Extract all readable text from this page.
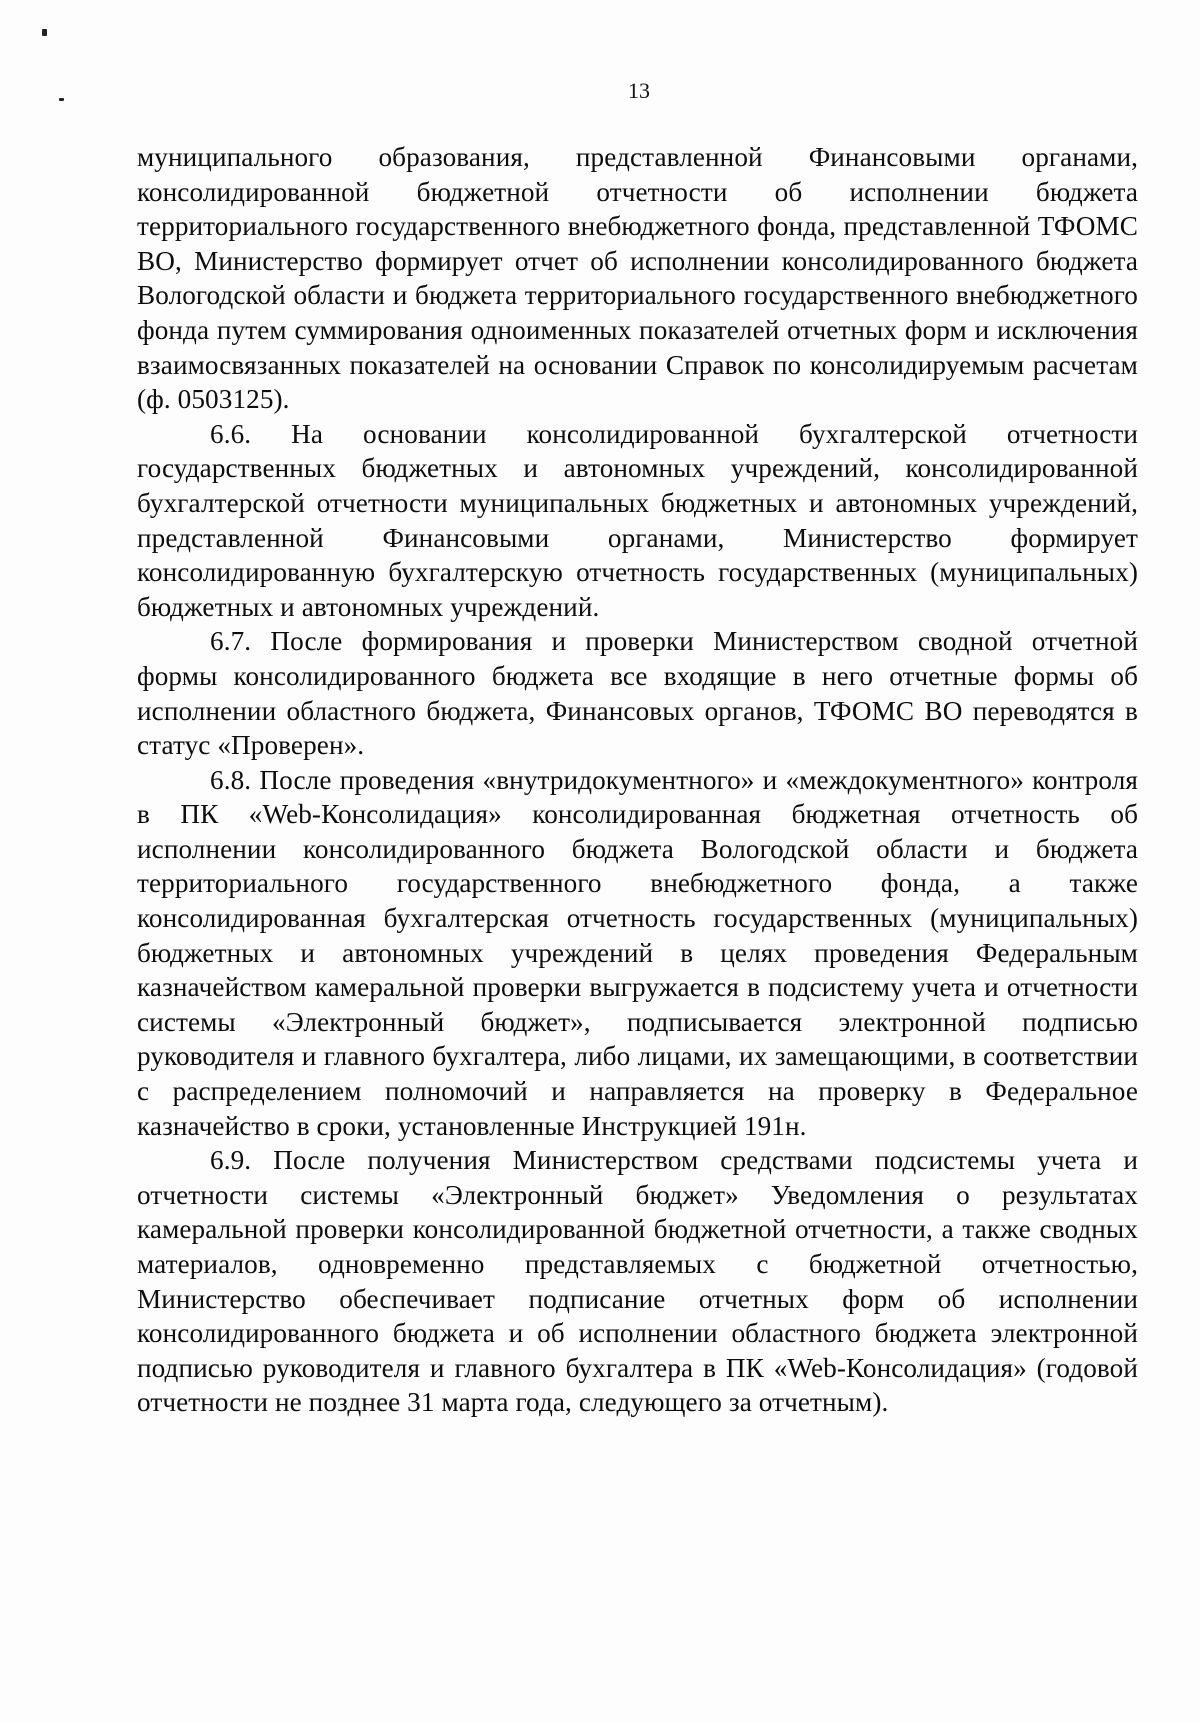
13

муниципального образования, представленной Финансовыми органами, консолидированной бюджетной отчетности об исполнении бюджета территориального государственного внебюджетного фонда, представленной ТФОМС ВО, Министерство формирует отчет об исполнении консолидированного бюджета Вологодской области и бюджета территориального государственного внебюджетного фонда путем суммирования одноименных показателей отчетных форм и исключения взаимосвязанных показателей на основании Справок по консолидируемым расчетам (ф. 0503125).

6.6. На основании консолидированной бухгалтерской отчетности государственных бюджетных и автономных учреждений, консолидированной бухгалтерской отчетности муниципальных бюджетных и автономных учреждений, представленной Финансовыми органами, Министерство формирует консолидированную бухгалтерскую отчетность государственных (муниципальных) бюджетных и автономных учреждений.

6.7. После формирования и проверки Министерством сводной отчетной формы консолидированного бюджета все входящие в него отчетные формы об исполнении областного бюджета, Финансовых органов, ТФОМС ВО переводятся в статус «Проверен».

6.8. После проведения «внутридокументного» и «междокументного» контроля в ПК «Web-Консолидация» консолидированная бюджетная отчетность об исполнении консолидированного бюджета Вологодской области и бюджета территориального государственного внебюджетного фонда, а также консолидированная бухгалтерская отчетность государственных (муниципальных) бюджетных и автономных учреждений в целях проведения Федеральным казначейством камеральной проверки выгружается в подсистему учета и отчетности системы «Электронный бюджет», подписывается электронной подписью руководителя и главного бухгалтера, либо лицами, их замещающими, в соответствии с распределением полномочий и направляется на проверку в Федеральное казначейство в сроки, установленные Инструкцией 191н.

6.9. После получения Министерством средствами подсистемы учета и отчетности системы «Электронный бюджет» Уведомления о результатах камеральной проверки консолидированной бюджетной отчетности, а также сводных материалов, одновременно представляемых с бюджетной отчетностью, Министерство обеспечивает подписание отчетных форм об исполнении консолидированного бюджета и об исполнении областного бюджета электронной подписью руководителя и главного бухгалтера в ПК «Web-Консолидация» (годовой отчетности не позднее 31 марта года, следующего за отчетным).
